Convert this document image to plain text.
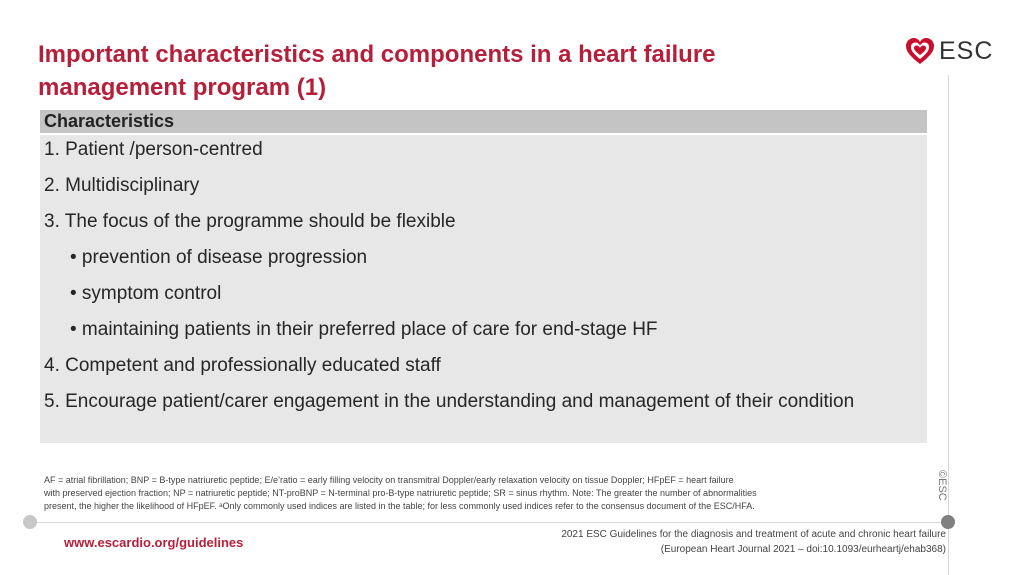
Important characteristics and components in a heart failure
management program (1)
ESC
©ESC
Characteristics
1. Patient /person-centred
2. Multidisciplinary
3. The focus of the programme should be flexible
• prevention of disease progression
• symptom control
• maintaining patients in their preferred place of care for end-stage HF
4. Competent and professionally educated staff
5. Encourage patient/carer engagement in the understanding and management of their condition
AF = atrial fibrillation; BNP = B-type natriuretic peptide; E/e’ratio = early filling velocity on transmitral Doppler/early relaxation velocity on tissue Doppler; HFpEF = heart failure
with preserved ejection fraction; NP = natriuretic peptide; NT-proBNP = N-terminal pro-B-type natriuretic peptide; SR = sinus rhythm. Note: The greater the number of abnormalities
present, the higher the likelihood of HFpEF. ᵃOnly commonly used indices are listed in the table; for less commonly used indices refer to the consensus document of the ESC/HFA.
www.escardio.org/guidelines
2021 ESC Guidelines for the diagnosis and treatment of acute and chronic heart failure
(European Heart Journal 2021 – doi:10.1093/eurheartj/ehab368)
